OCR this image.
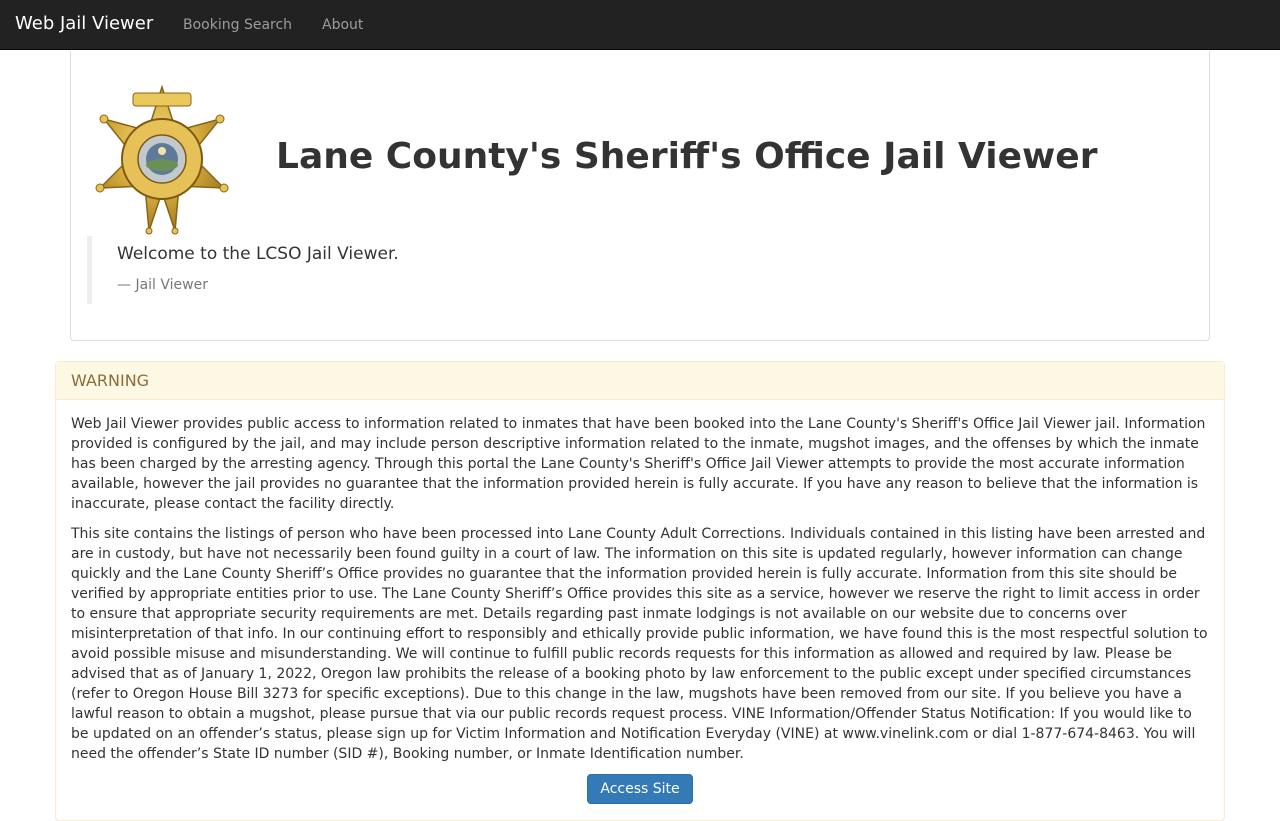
Web Jail Viewer Booking Search About
Lane County's Sheriff's Office Jail Viewer
Welcome to the LCSO Jail Viewer.
— Jail Viewer
WARNING

Web Jail Viewer provides public access to information related to inmates that have been booked into the Lane County's Sheriff's Office Jail Viewer jail. Information provided is configured by the jail, and may include person descriptive information related to the inmate, mugshot images, and the offenses by which the inmate has been charged by the arresting agency. Through this portal the Lane County's Sheriff's Office Jail Viewer attempts to provide the most accurate information available, however the jail provides no guarantee that the information provided herein is fully accurate. If you have any reason to believe that the information is inaccurate, please contact the facility directly.

This site contains the listings of person who have been processed into Lane County Adult Corrections. Individuals contained in this listing have been arrested and are in custody, but have not necessarily been found guilty in a court of law. The information on this site is updated regularly, however information can change quickly and the Lane County Sheriff’s Office provides no guarantee that the information provided herein is fully accurate. Information from this site should be verified by appropriate entities prior to use. The Lane County Sheriff’s Office provides this site as a service, however we reserve the right to limit access in order to ensure that appropriate security requirements are met. Details regarding past inmate lodgings is not available on our website due to concerns over misinterpretation of that info. In our continuing effort to responsibly and ethically provide public information, we have found this is the most respectful solution to avoid possible misuse and misunderstanding. We will continue to fulfill public records requests for this information as allowed and required by law. Please be advised that as of January 1, 2022, Oregon law prohibits the release of a booking photo by law enforcement to the public except under specified circumstances (refer to Oregon House Bill 3273 for specific exceptions). Due to this change in the law, mugshots have been removed from our site. If you believe you have a lawful reason to obtain a mugshot, please pursue that via our public records request process. VINE Information/Offender Status Notification: If you would like to be updated on an offender’s status, please sign up for Victim Information and Notification Everyday (VINE) at www.vinelink.com or dial 1-877-674-8463. You will need the offender’s State ID number (SID #), Booking number, or Inmate Identification number.

Access Site
